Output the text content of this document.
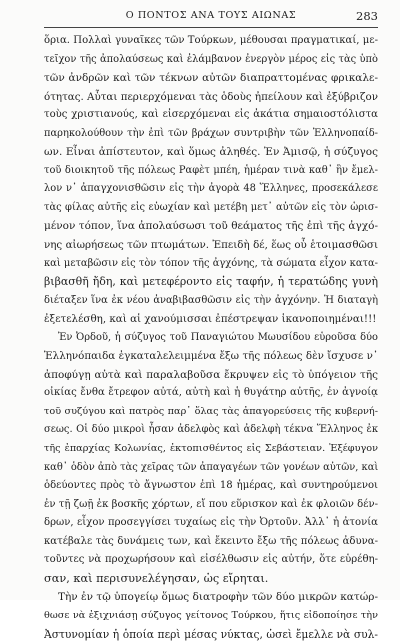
Ο ΠΟΝΤΟΣ ΑΝΑ ΤΟΥΣ ΑΙΩΝΑΣ	283
ὅρια. Πολλαὶ γυναῖκες τῶν Τούρκων, μέθουσαι πραγματικαί, με-
τεῖχον τῆς ἀπολαύσεως καὶ ἐλάμβανον ἐνεργὸν μέρος εἰς τὰς ὑπὸ
τῶν ἀνδρῶν καὶ τῶν τέκνων αὐτῶν διαπραττομένας φρικαλε-
ότητας. Αὗται περιερχόμεναι τὰς ὁδοὺς ἠπείλουν καὶ ἐξύβριζον
τοὺς χριστιανούς, καὶ εἰσερχόμεναι εἰς ἀκάτια σημαιοστόλιστα
παρηκολούθουν τὴν ἐπὶ τῶν βράχων συντριβὴν τῶν Ἑλληνοπαίδ-
ων. Εἶναι ἀπίστευτον, καὶ ὅμως ἀληθές. Ἐν Ἀμισῷ, ἡ σύζυγος
τοῦ διοικητοῦ τῆς πόλεως Ραφὲτ μπέη, ἡμέραν τινὰ καθ᾽ ἣν ἔμελ-
λον ν᾽ ἀπαγχονισθῶσιν εἰς τὴν ἀγορὰ 48 Ἕλληνες, προσεκάλεσε
τὰς φίλας αὐτῆς εἰς εὐωχίαν καὶ μετέβη μετ᾽ αὐτῶν εἰς τὸν ὡρισ-
μένον τόπον, ἵνα ἀπολαύσωσι τοῦ θεάματος τῆς ἐπὶ τῆς ἀγχό-
νης αἰωρήσεως τῶν πτωμάτων. Ἐπειδὴ δέ, ἕως οὗ ἑτοιμασθῶσι
καὶ μεταβῶσιν εἰς τὸν τόπον τῆς ἀγχόνης, τὰ σώματα εἶχον κατα-
βιβασθῆ ἤδη, καὶ μετεφέροντο εἰς ταφήν, ἡ τερατώδης γυνὴ
διέταξεν ἵνα ἐκ νέου ἀναβιβασθῶσιν εἰς τὴν ἀγχόνην. Ἡ διαταγὴ
ἐξετελέσθη, καὶ αἱ χανούμισσαι ἐπέστρεψαν ἱκανοποιημέναι!!!
Ἐν Ὀρδοῦ, ἡ σύζυγος τοῦ Παναγιώτου Μωυσίδου εὑροῦσα δύο
Ἑλληνόπαιδα ἐγκαταλελειμμένα ἔξω τῆς πόλεως δὲν ἴσχυσε ν᾽
ἀποφύγῃ αὐτὰ καὶ παραλαβοῦσα ἔκρυψεν εἰς τὸ ὑπόγειον τῆς
οἰκίας ἔνθα ἔτρεφον αὐτά, αὐτὴ καὶ ἡ θυγάτηρ αὐτῆς, ἐν ἀγνοίᾳ
τοῦ συζύγου καὶ πατρὸς παρ᾽ ὅλας τὰς ἀπαγορεύσεις τῆς κυβερνή-
σεως. Οἱ δύο μικροὶ ἦσαν ἀδελφὸς καὶ ἀδελφὴ τέκνα Ἕλληνος ἐκ
τῆς ἐπαρχίας Κολωνίας, ἐκτοπισθέντος εἰς Σεβάστειαν. Ἐξέφυγον
καθ᾽ ὁδὸν ἀπὸ τὰς χεῖρας τῶν ἀπαγαγέων τῶν γονέων αὐτῶν, καὶ
ὁδεύοντες πρὸς τὸ ἄγνωστον ἐπὶ 18 ἡμέρας, καὶ συντηρούμενοι
ἐν τῇ ζωῇ ἐκ βοσκῆς χόρτων, εἴ που εὕρισκον καὶ ἐκ φλοιῶν δέν-
δρων, εἶχον προσεγγίσει τυχαίως εἰς τὴν Ὀρτοῦν. Ἀλλ᾽ ἡ ἀτονία
κατέβαλε τὰς δυνάμεις των, καὶ ἔκειντο ἔξω τῆς πόλεως ἀδυνα-
τοῦντες νὰ προχωρήσουν καὶ εἰσέλθωσιν εἰς αὐτήν, ὅτε εὑρέθη-
σαν, καὶ περισυνελέγησαν, ὡς εἴρηται.
Τὴν ἐν τῷ ὑπογείῳ ὅμως διατροφὴν τῶν δύο μικρῶν κατώρ-
θωσε νὰ ἐξιχνιάσῃ σύζυγος γείτονος Τούρκου, ἥτις εἰδοποίησε τὴν
Ἀστυνομίαν ἡ ὁποία περὶ μέσας νύκτας, ὡσεὶ ἔμελλε νὰ συλ-
